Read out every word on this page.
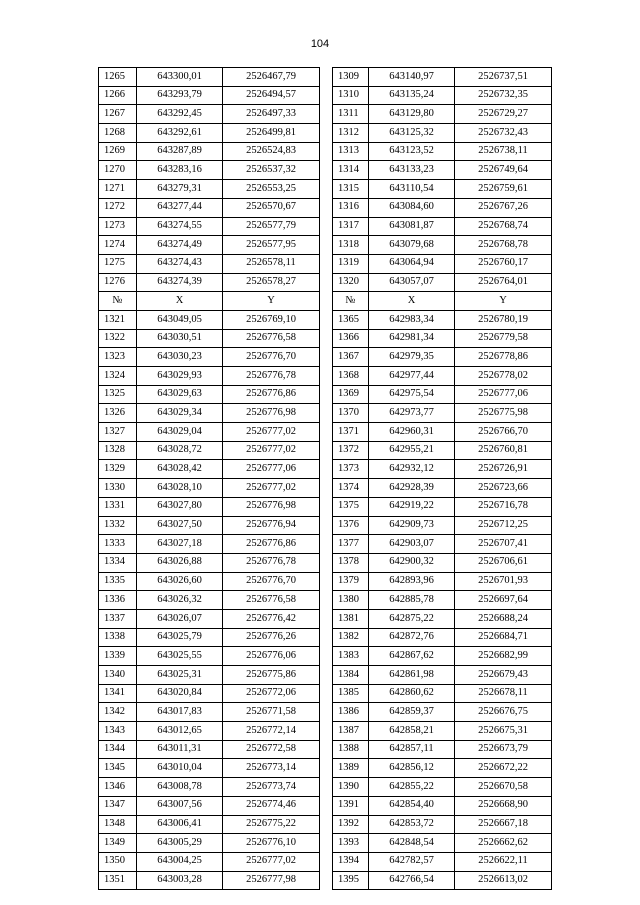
104
1265	643300,01	2526467,79		1309	643140,97	2526737,51
1266	643293,79	2526494,57		1310	643135,24	2526732,35
1267	643292,45	2526497,33		1311	643129,80	2526729,27
1268	643292,61	2526499,81		1312	643125,32	2526732,43
1269	643287,89	2526524,83		1313	643123,52	2526738,11
1270	643283,16	2526537,32		1314	643133,23	2526749,64
1271	643279,31	2526553,25		1315	643110,54	2526759,61
1272	643277,44	2526570,67		1316	643084,60	2526767,26
1273	643274,55	2526577,79		1317	643081,87	2526768,74
1274	643274,49	2526577,95		1318	643079,68	2526768,78
1275	643274,43	2526578,11		1319	643064,94	2526760,17
1276	643274,39	2526578,27		1320	643057,07	2526764,01
№	X	Y		№	X	Y
1321	643049,05	2526769,10		1365	642983,34	2526780,19
1322	643030,51	2526776,58		1366	642981,34	2526779,58
1323	643030,23	2526776,70		1367	642979,35	2526778,86
1324	643029,93	2526776,78		1368	642977,44	2526778,02
1325	643029,63	2526776,86		1369	642975,54	2526777,06
1326	643029,34	2526776,98		1370	642973,77	2526775,98
1327	643029,04	2526777,02		1371	642960,31	2526766,70
1328	643028,72	2526777,02		1372	642955,21	2526760,81
1329	643028,42	2526777,06		1373	642932,12	2526726,91
1330	643028,10	2526777,02		1374	642928,39	2526723,66
1331	643027,80	2526776,98		1375	642919,22	2526716,78
1332	643027,50	2526776,94		1376	642909,73	2526712,25
1333	643027,18	2526776,86		1377	642903,07	2526707,41
1334	643026,88	2526776,78		1378	642900,32	2526706,61
1335	643026,60	2526776,70		1379	642893,96	2526701,93
1336	643026,32	2526776,58		1380	642885,78	2526697,64
1337	643026,07	2526776,42		1381	642875,22	2526688,24
1338	643025,79	2526776,26		1382	642872,76	2526684,71
1339	643025,55	2526776,06		1383	642867,62	2526682,99
1340	643025,31	2526775,86		1384	642861,98	2526679,43
1341	643020,84	2526772,06		1385	642860,62	2526678,11
1342	643017,83	2526771,58		1386	642859,37	2526676,75
1343	643012,65	2526772,14		1387	642858,21	2526675,31
1344	643011,31	2526772,58		1388	642857,11	2526673,79
1345	643010,04	2526773,14		1389	642856,12	2526672,22
1346	643008,78	2526773,74		1390	642855,22	2526670,58
1347	643007,56	2526774,46		1391	642854,40	2526668,90
1348	643006,41	2526775,22		1392	642853,72	2526667,18
1349	643005,29	2526776,10		1393	642848,54	2526662,62
1350	643004,25	2526777,02		1394	642782,57	2526622,11
1351	643003,28	2526777,98		1395	642766,54	2526613,02
